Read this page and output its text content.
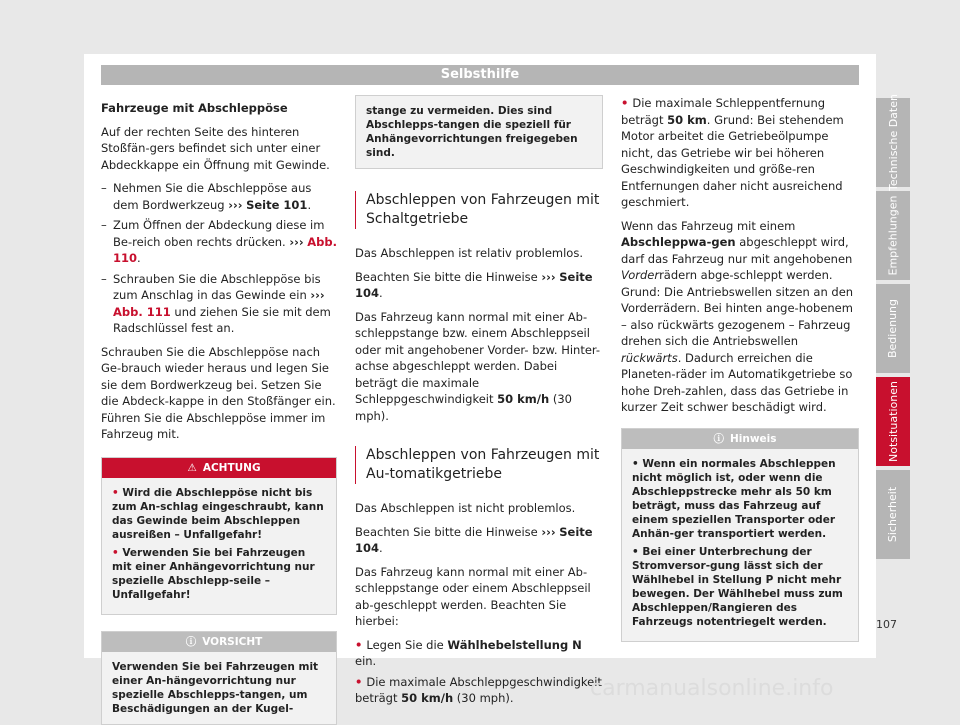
Selbsthilfe

Fahrzeuge mit Abschleppöse

Auf der rechten Seite des hinteren Stoßfän-gers befindet sich unter einer Abdeckkappe ein Öffnung mit Gewinde.

– Nehmen Sie die Abschleppöse aus dem Bordwerkzeug ››› Seite 101.
– Zum Öffnen der Abdeckung diese im Be-reich oben rechts drücken. ››› Abb. 110.
– Schrauben Sie die Abschleppöse bis zum Anschlag in das Gewinde ein ››› Abb. 111 und ziehen Sie sie mit dem Radschlüssel fest an.

Schrauben Sie die Abschleppöse nach Ge-brauch wieder heraus und legen Sie sie dem Bordwerkzeug bei. Setzen Sie die Abdeck-kappe in den Stoßfänger ein. Führen Sie die Abschleppöse immer im Fahrzeug mit.

⚠ ACHTUNG

• Wird die Abschleppöse nicht bis zum An-schlag eingeschraubt, kann das Gewinde beim Abschleppen ausreißen – Unfallgefahr!

• Verwenden Sie bei Fahrzeugen mit einer Anhängevorrichtung nur spezielle Abschlepp-seile – Unfallgefahr!

ⓘ VORSICHT
Verwenden Sie bei Fahrzeugen mit einer An-hängevorrichtung nur spezielle Abschlepps-tangen, um Beschädigungen an der Kugel-
stange zu vermeiden. Dies sind Abschlepps-tangen die speziell für Anhängevorrichtungen freigegeben sind.
Abschleppen von Fahrzeugen mit Schaltgetriebe

Das Abschleppen ist relativ problemlos.

Beachten Sie bitte die Hinweise ››› Seite 104.

Das Fahrzeug kann normal mit einer Ab-schleppstange bzw. einem Abschleppseil oder mit angehobener Vorder- bzw. Hinter-achse abgeschleppt werden. Dabei beträgt die maximale Schleppgeschwindigkeit 50 km/h (30 mph).

Abschleppen von Fahrzeugen mit Au-tomatikgetriebe

Das Abschleppen ist nicht problemlos.

Beachten Sie bitte die Hinweise ››› Seite 104.

Das Fahrzeug kann normal mit einer Ab-schleppstange oder einem Abschleppseil ab-geschleppt werden. Beachten Sie hierbei:

• Legen Sie die Wählhebelstellung N ein.

• Die maximale Abschleppgeschwindigkeit beträgt 50 km/h (30 mph).

• Die maximale Schleppentfernung beträgt 50 km. Grund: Bei stehendem Motor arbeitet die Getriebeölpumpe nicht, das Getriebe wir bei höheren Geschwindigkeiten und größe-ren Entfernungen daher nicht ausreichend geschmiert.

Wenn das Fahrzeug mit einem Abschleppwa-gen abgeschleppt wird, darf das Fahrzeug nur mit angehobenen Vorderrädern abge-schleppt werden. Grund: Die Antriebswellen sitzen an den Vorderrädern. Bei hinten ange-hobenem – also rückwärts gezogenem – Fahrzeug drehen sich die Antriebswellen rückwärts. Dadurch erreichen die Planeten-räder im Automatikgetriebe so hohe Dreh-zahlen, dass das Getriebe in kurzer Zeit schwer beschädigt wird.

ⓘ Hinweis

• Wenn ein normales Abschleppen nicht möglich ist, oder wenn die Abschleppstrecke mehr als 50 km beträgt, muss das Fahrzeug auf einem speziellen Transporter oder Anhän-ger transportiert werden.

• Bei einer Unterbrechung der Stromversor-gung lässt sich der Wählhebel in Stellung P nicht mehr bewegen. Der Wählhebel muss zum Abschleppen/Rangieren des Fahrzeugs notentriegelt werden.

Technische Daten
Empfehlungen
Bedienung
Notsituationen
Sicherheit
107
carmanualsonline.info
